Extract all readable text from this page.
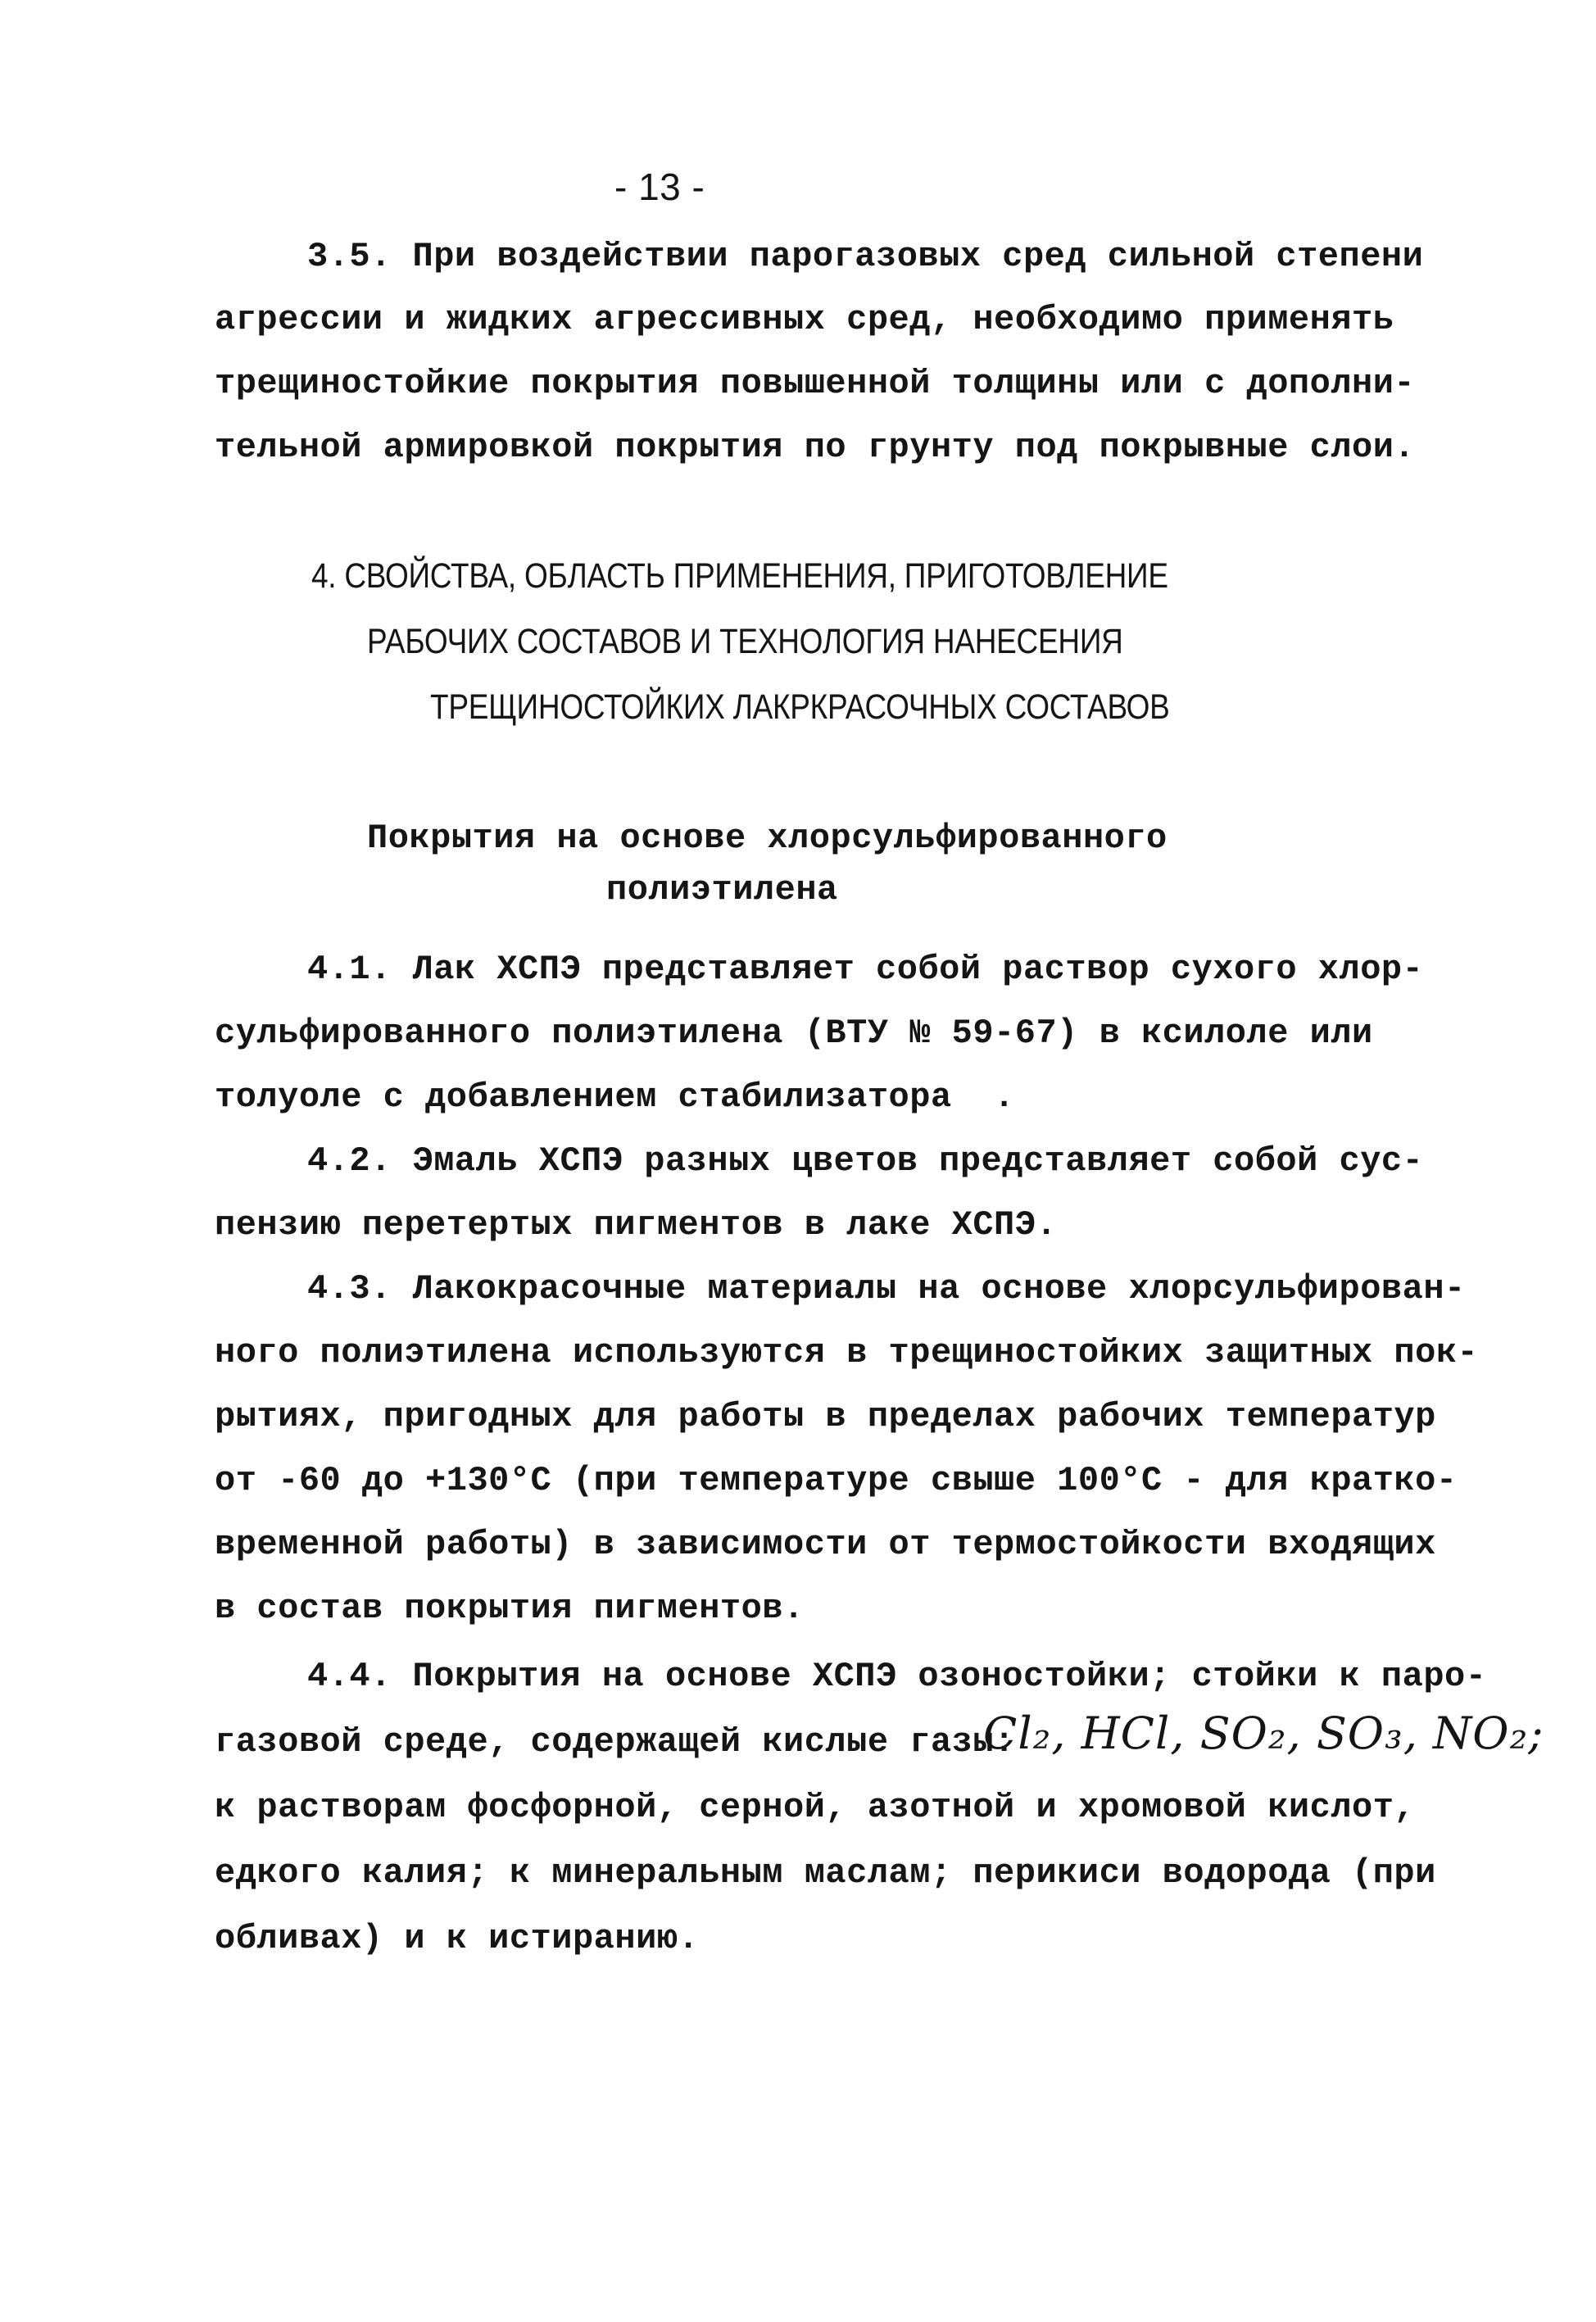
- 13 -
3.5. При воздействии парогазовых сред сильной степени
агрессии и жидких агрессивных сред, необходимо применять
трещиностойкие покрытия повышенной толщины или с дополни-
тельной армировкой покрытия по грунту под покрывные слои.
4. СВОЙСТВА, ОБЛАСТЬ ПРИМЕНЕНИЯ, ПРИГОТОВЛЕНИЕ
РАБОЧИХ СОСТАВОВ И ТЕХНОЛОГИЯ НАНЕСЕНИЯ
ТРЕЩИНОСТОЙКИХ ЛАКРКРАСОЧНЫХ СОСТАВОВ
Покрытия на основе хлорсульфированного
полиэтилена
4.1. Лак ХСПЭ представляет собой раствор сухого хлор-
сульфированного полиэтилена (ВТУ № 59-67) в ксилоле или
толуоле с добавлением стабилизатора  .
4.2. Эмаль ХСПЭ разных цветов представляет собой сус-
пензию перетертых пигментов в лаке ХСПЭ.
4.3. Лакокрасочные материалы на основе хлорсульфирован-
ного полиэтилена используются в трещиностойких защитных пок-
рытиях, пригодных для работы в пределах рабочих температур
от -60 до +130°С (при температуре свыше 100°С - для кратко-
временной работы) в зависимости от термостойкости входящих
в состав покрытия пигментов.
4.4. Покрытия на основе ХСПЭ озоностойки; стойки к паро-
газовой среде, содержащей кислые газы:
Cl₂, HCl, SO₂, SO₃, NO₂;
к растворам фосфорной, серной, азотной и хромовой кислот,
едкого калия; к минеральным маслам; перикиси водорода (при
обливах) и к истиранию.
